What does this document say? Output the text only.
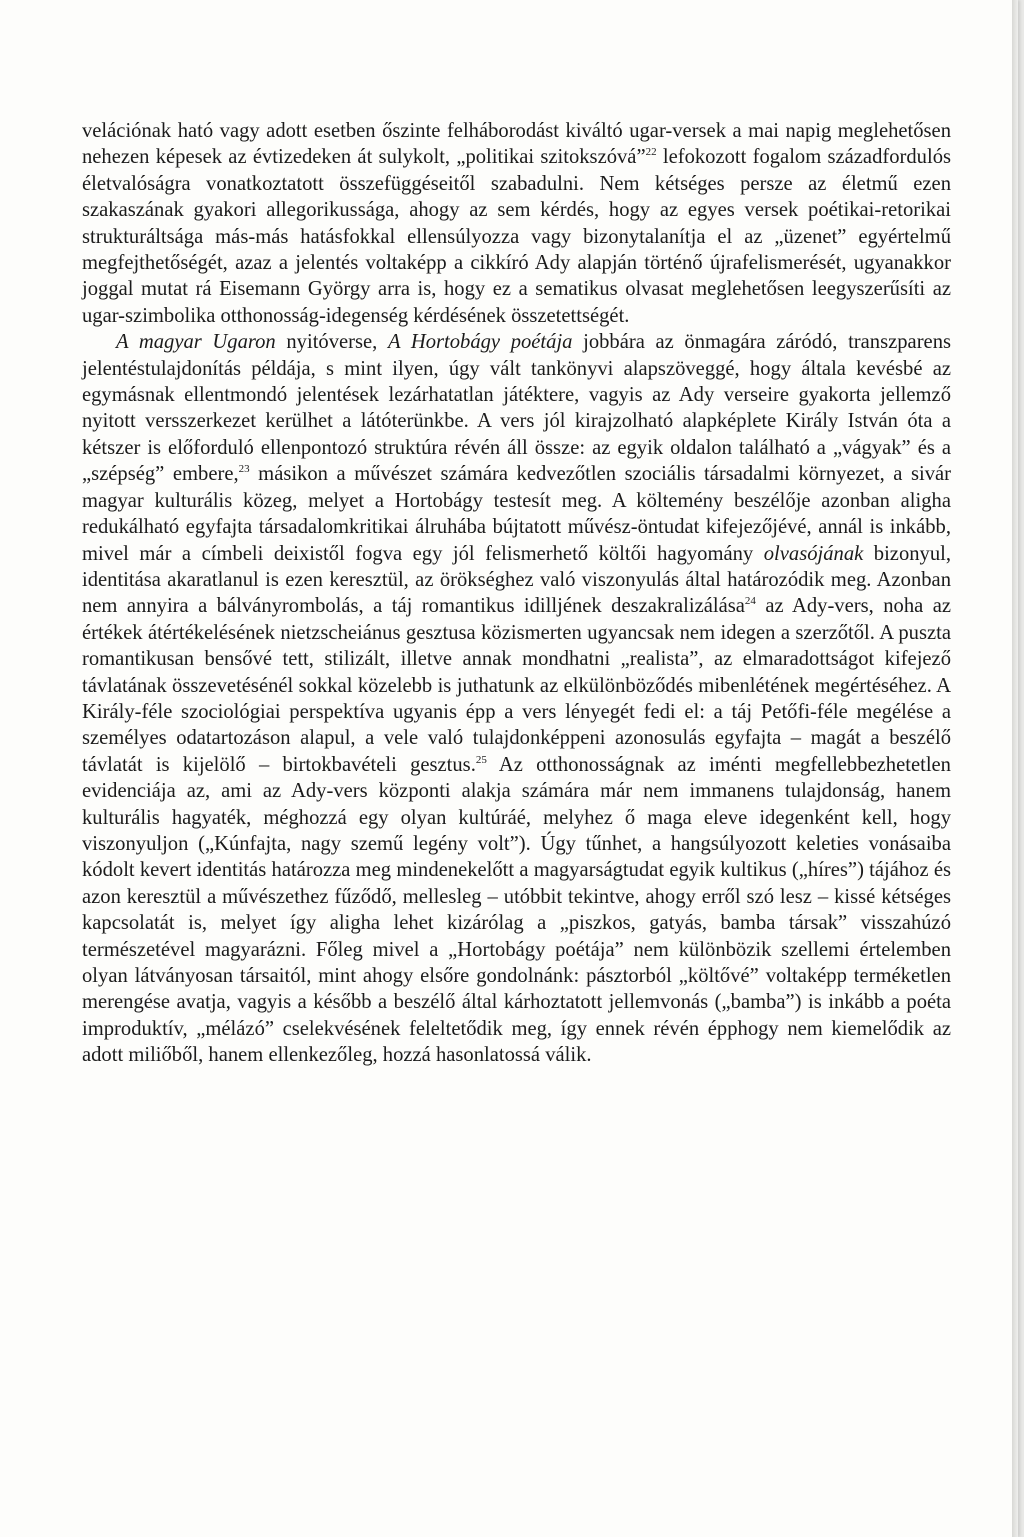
velációnak ható vagy adott esetben őszinte felháborodást kiváltó ugar-versek a mai napig meglehetősen nehezen képesek az évtizedeken át sulykolt, „politikai szitokszóvá”$^{22}$ lefokozott fogalom századfordulós életvalóságra vonatkoztatott összefüggéseitől szabadulni. Nem kétséges persze az életmű ezen szakaszának gyakori allegorikussága, ahogy az sem kérdés, hogy az egyes versek poétikai-retorikai strukturáltsága más-más hatásfokkal ellensúlyozza vagy bizonytalanítja el az „üzenet” egyértelmű megfejthetőségét, azaz a jelentés voltaképp a cikkíró Ady alapján történő újrafelismerését, ugyanakkor joggal mutat rá Eisemann György arra is, hogy ez a sematikus olvasat meglehetősen leegyszerűsíti az ugar-szimbolika otthonosság-idegenség kérdésének összetettségét.

A magyar Ugaron nyitóverse, A Hortobágy poétája jobbára az önmagára záródó, transzparens jelentéstulajdonítás példája, s mint ilyen, úgy vált tankönyvi alapszöveggé, hogy általa kevésbé az egymásnak ellentmondó jelentések lezárhatatlan játéktere, vagyis az Ady verseire gyakorta jellemző nyitott versszerkezet kerülhet a látóterünkbe. A vers jól kirajzolható alapképlete Király István óta a kétszer is előforduló ellenpontozó struktúra révén áll össze: az egyik oldalon található a „vágyak” és a „szépség” embere,$^{23}$ másikon a művészet számára kedvezőtlen szociális társadalmi környezet, a sivár magyar kulturális közeg, melyet a Hortobágy testesít meg. A költemény beszélője azonban aligha redukálható egyfajta társadalomkritikai álruhába bújtatott művész-öntudat kifejezőjévé, annál is inkább, mivel már a címbeli deixistől fogva egy jól felismerhető költői hagyomány olvasójának bizonyul, identitása akaratlanul is ezen keresztül, az örökséghez való viszonyulás által határozódik meg. Azonban nem annyira a bálványrombolás, a táj romantikus idilljének deszakralizálása$^{24}$ az Ady-vers, noha az értékek átértékelésének nietzscheiánus gesztusa közismerten ugyancsak nem idegen a szerzőtől. A puszta romantikusan bensővé tett, stilizált, illetve annak mondhatni „realista”, az elmaradottságot kifejező távlatának összevetésénél sokkal közelebb is juthatunk az elkülönböződés mibenlétének megértéséhez. A Király-féle szociológiai perspektíva ugyanis épp a vers lényegét fedi el: a táj Petőfi-féle megélése a személyes odatartozáson alapul, a vele való tulajdonképpeni azonosulás egyfajta – magát a beszélő távlatát is kijelölő – birtokbavételi gesztus.$^{25}$ Az otthonosságnak az iménti megfellebbezhetetlen evidenciája az, ami az Ady-vers központi alakja számára már nem immanens tulajdonság, hanem kulturális hagyaték, méghozzá egy olyan kultúráé, melyhez ő maga eleve idegenként kell, hogy viszonyuljon („Kúnfajta, nagy szemű legény volt”). Úgy tűnhet, a hangsúlyozott keleties vonásaiba kódolt kevert identitás határozza meg mindenekelőtt a magyarságtudat egyik kultikus („híres”) tájához és azon keresztül a művészethez fűződő, mellesleg – utóbbit tekintve, ahogy erről szó lesz – kissé kétséges kapcsolatát is, melyet így aligha lehet kizárólag a „piszkos, gatyás, bamba társak” visszahúzó természetével magyarázni. Főleg mivel a „Hortobágy poétája” nem különbözik szellemi értelemben olyan látványosan társaitól, mint ahogy elsőre gondolnánk: pásztorból „költővé” voltaképp terméketlen merengése avatja, vagyis a később a beszélő által kárhoztatott jellemvonás („bamba”) is inkább a poéta improduktív, „mélázó” cselekvésének feleltetődik meg, így ennek révén épphogy nem kiemelődik az adott miliőből, hanem ellenkezőleg, hozzá hasonlatossá válik.
